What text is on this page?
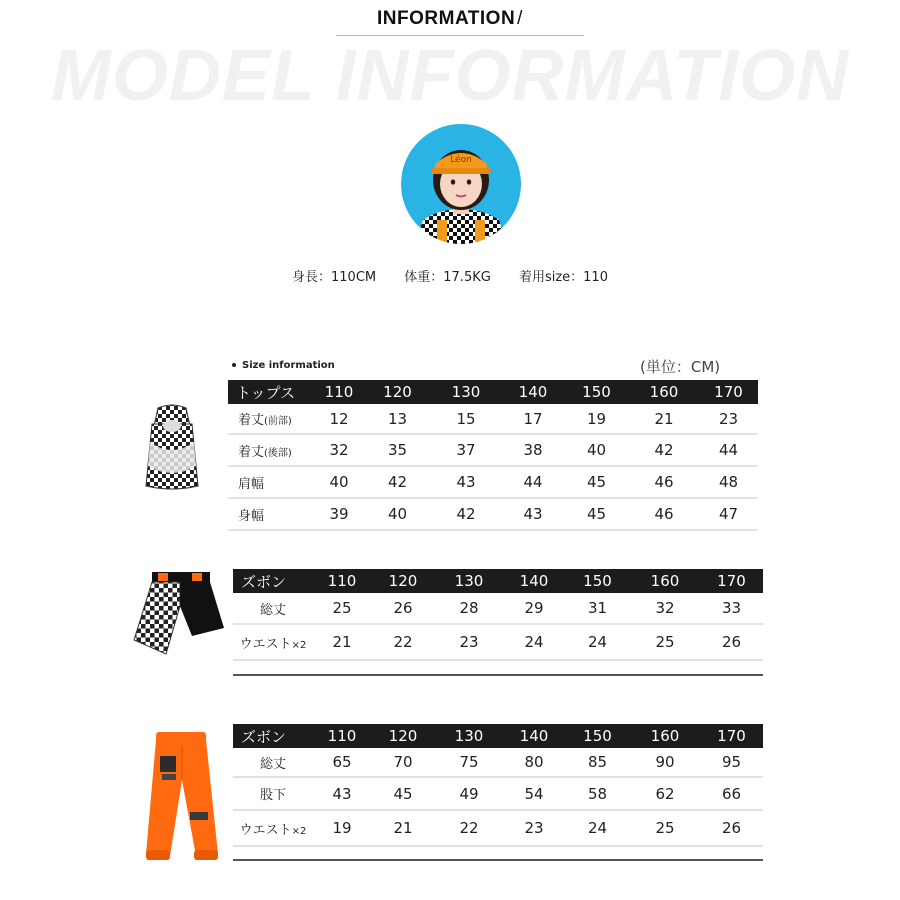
MODEL INFORMATION
INFORMATION /
Léon
身長：110CM 体重：17.5KG 着用size：110
Size information	(単位：CM)
トップス	110	120	130	140	150	160	170
着丈(前部)	12	13	15	17	19	21	23
着丈(後部)	32	35	37	38	40	42	44
肩幅	40	42	43	44	45	46	48
身幅	39	40	42	43	45	46	47
ズボン	110	120	130	140	150	160	170
総丈	25	26	28	29	31	32	33
ウエスト×2	21	22	23	24	24	25	26
ズボン	110	120	130	140	150	160	170
総丈	65	70	75	80	85	90	95
股下	43	45	49	54	58	62	66
ウエスト×2	19	21	22	23	24	25	26
